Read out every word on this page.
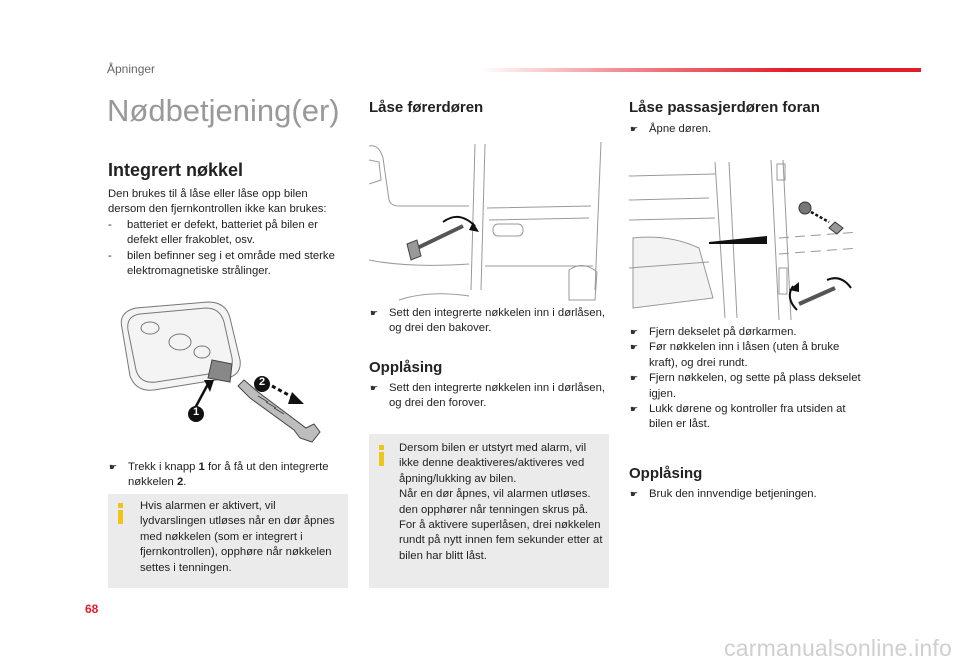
Åpninger
Nødbetjening(er)
Integrert nøkkel
Den brukes til å låse eller låse opp bilen dersom den fjernkontrollen ikke kan brukes:
- batteriet er defekt, batteriet på bilen er defekt eller frakoblet, osv.
- bilen befinner seg i et område med sterke elektromagnetiske strålinger.
1
2
☛ Trekk i knapp 1 for å få ut den integrerte nøkkelen 2.
Hvis alarmen er aktivert, vil lydvarslingen utløses når en dør åpnes med nøkkelen (som er integrert i fjernkontrollen), opphøre når nøkkelen settes i tenningen.
Låse førerdøren
☛ Sett den integrerte nøkkelen inn i dørlåsen, og drei den bakover.
Opplåsing
☛ Sett den integrerte nøkkelen inn i dørlåsen, og drei den forover.
Dersom bilen er utstyrt med alarm, vil ikke denne deaktiveres/aktiveres ved åpning/lukking av bilen.
Når en dør åpnes, vil alarmen utløses. den opphører når tenningen skrus på.
For å aktivere superlåsen, drei nøkkelen rundt på nytt innen fem sekunder etter at bilen har blitt låst.
Låse passasjerdøren foran
☛ Åpne døren.
☛ Fjern dekselet på dørkarmen.
☛ Før nøkkelen inn i låsen (uten å bruke kraft), og drei rundt.
☛ Fjern nøkkelen, og sette på plass dekselet igjen.
☛ Lukk dørene og kontroller fra utsiden at bilen er låst.
Opplåsing
☛ Bruk den innvendige betjeningen.
68
carmanualsonline.info
